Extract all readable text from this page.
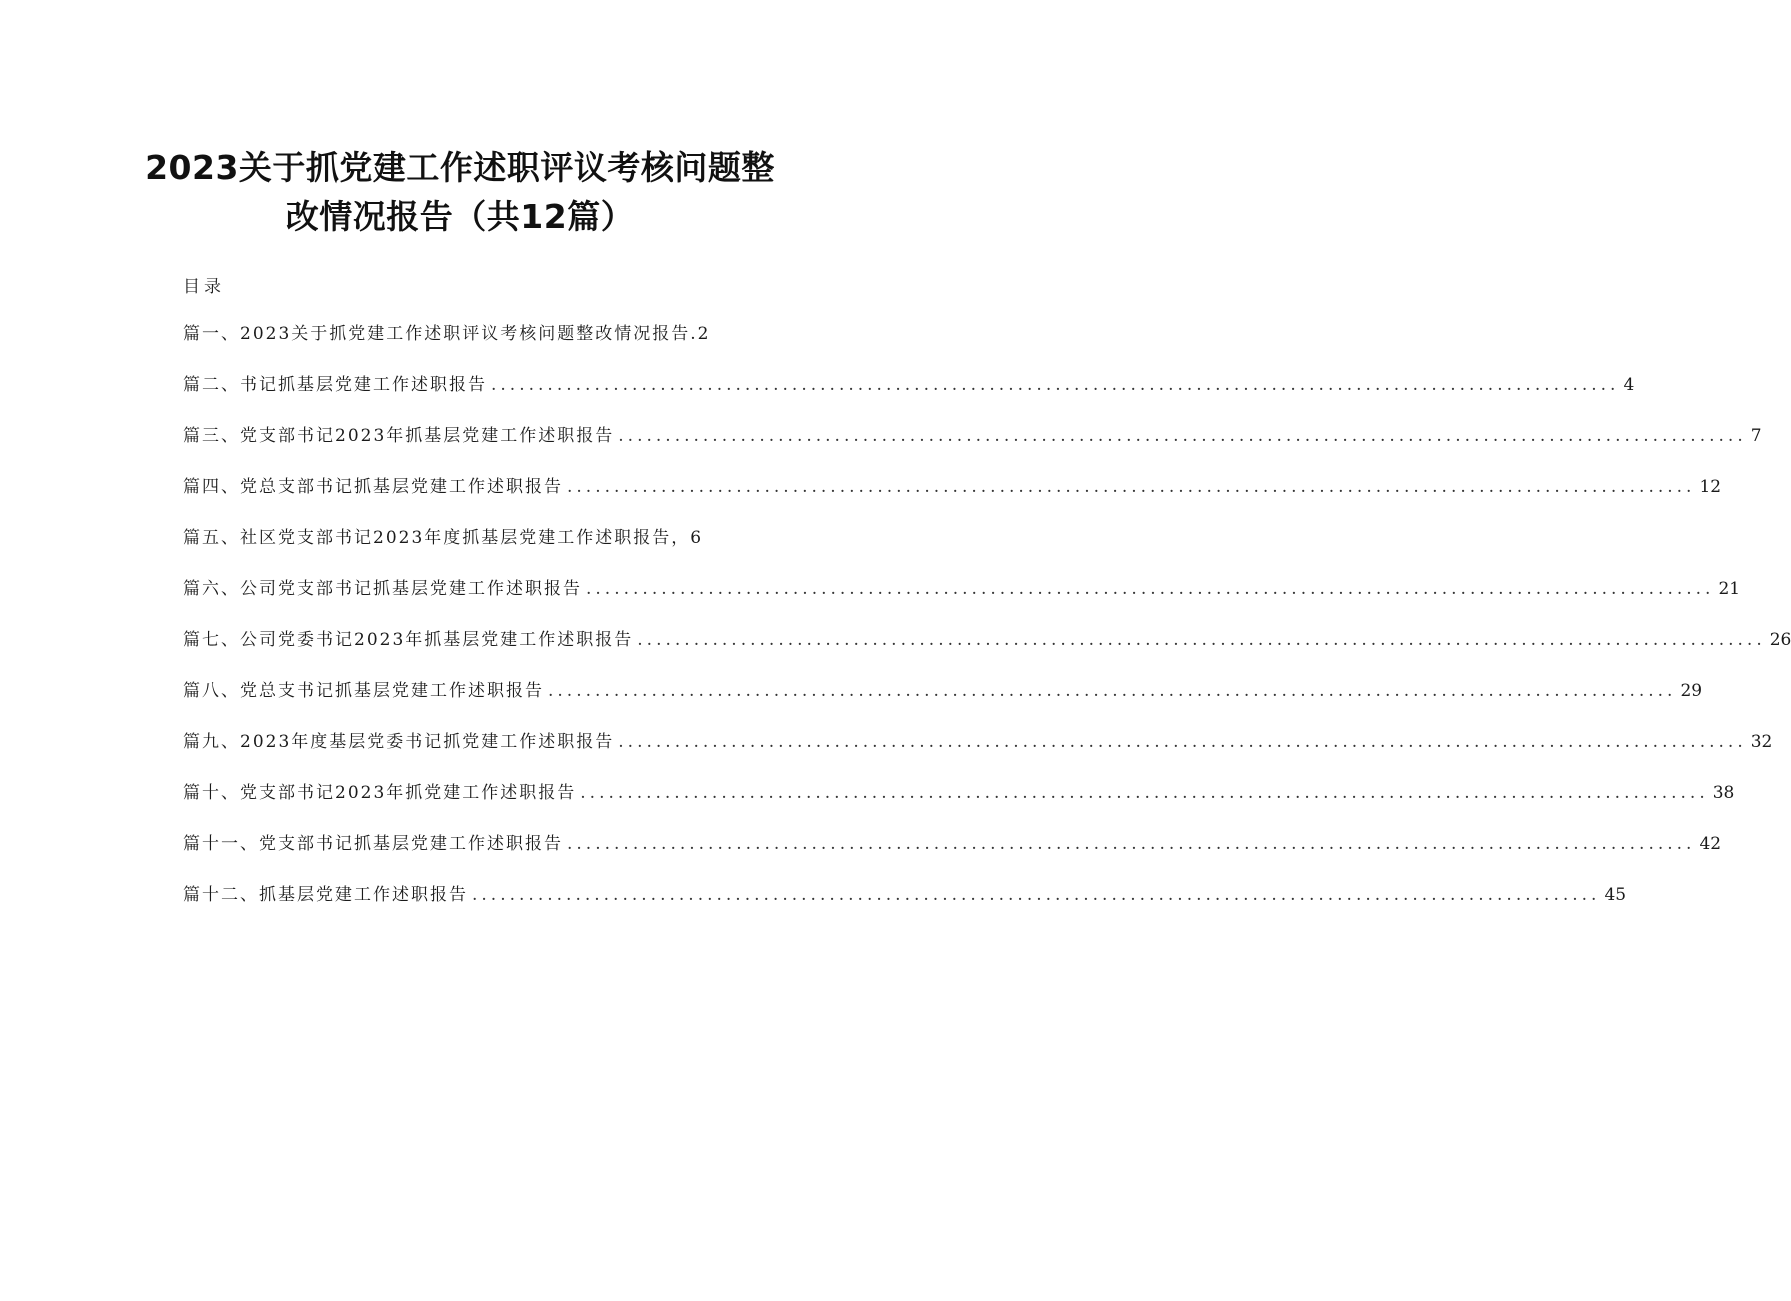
2023关于抓党建工作述职评议考核问题整
改情况报告（共12篇）
目录
篇一、2023关于抓党建工作述职评议考核问题整改情况报告. 2
篇二、书记抓基层党建工作述职报告 ........................................................................................................................ 4
篇三、党支部书记2023年抓基层党建工作述职报告 ........................................................................................................................ 7
篇四、党总支部书记抓基层党建工作述职报告 ........................................................................................................................ 12
篇五、社区党支部书记2023年度抓基层党建工作述职报告， 6
篇六、公司党支部书记抓基层党建工作述职报告 ........................................................................................................................ 21
篇七、公司党委书记2023年抓基层党建工作述职报告 ........................................................................................................................ 26
篇八、党总支书记抓基层党建工作述职报告 ........................................................................................................................ 29
篇九、2023年度基层党委书记抓党建工作述职报告 ........................................................................................................................ 32
篇十、党支部书记2023年抓党建工作述职报告 ........................................................................................................................ 38
篇十一、党支部书记抓基层党建工作述职报告 ........................................................................................................................ 42
篇十二、抓基层党建工作述职报告 ........................................................................................................................ 45
